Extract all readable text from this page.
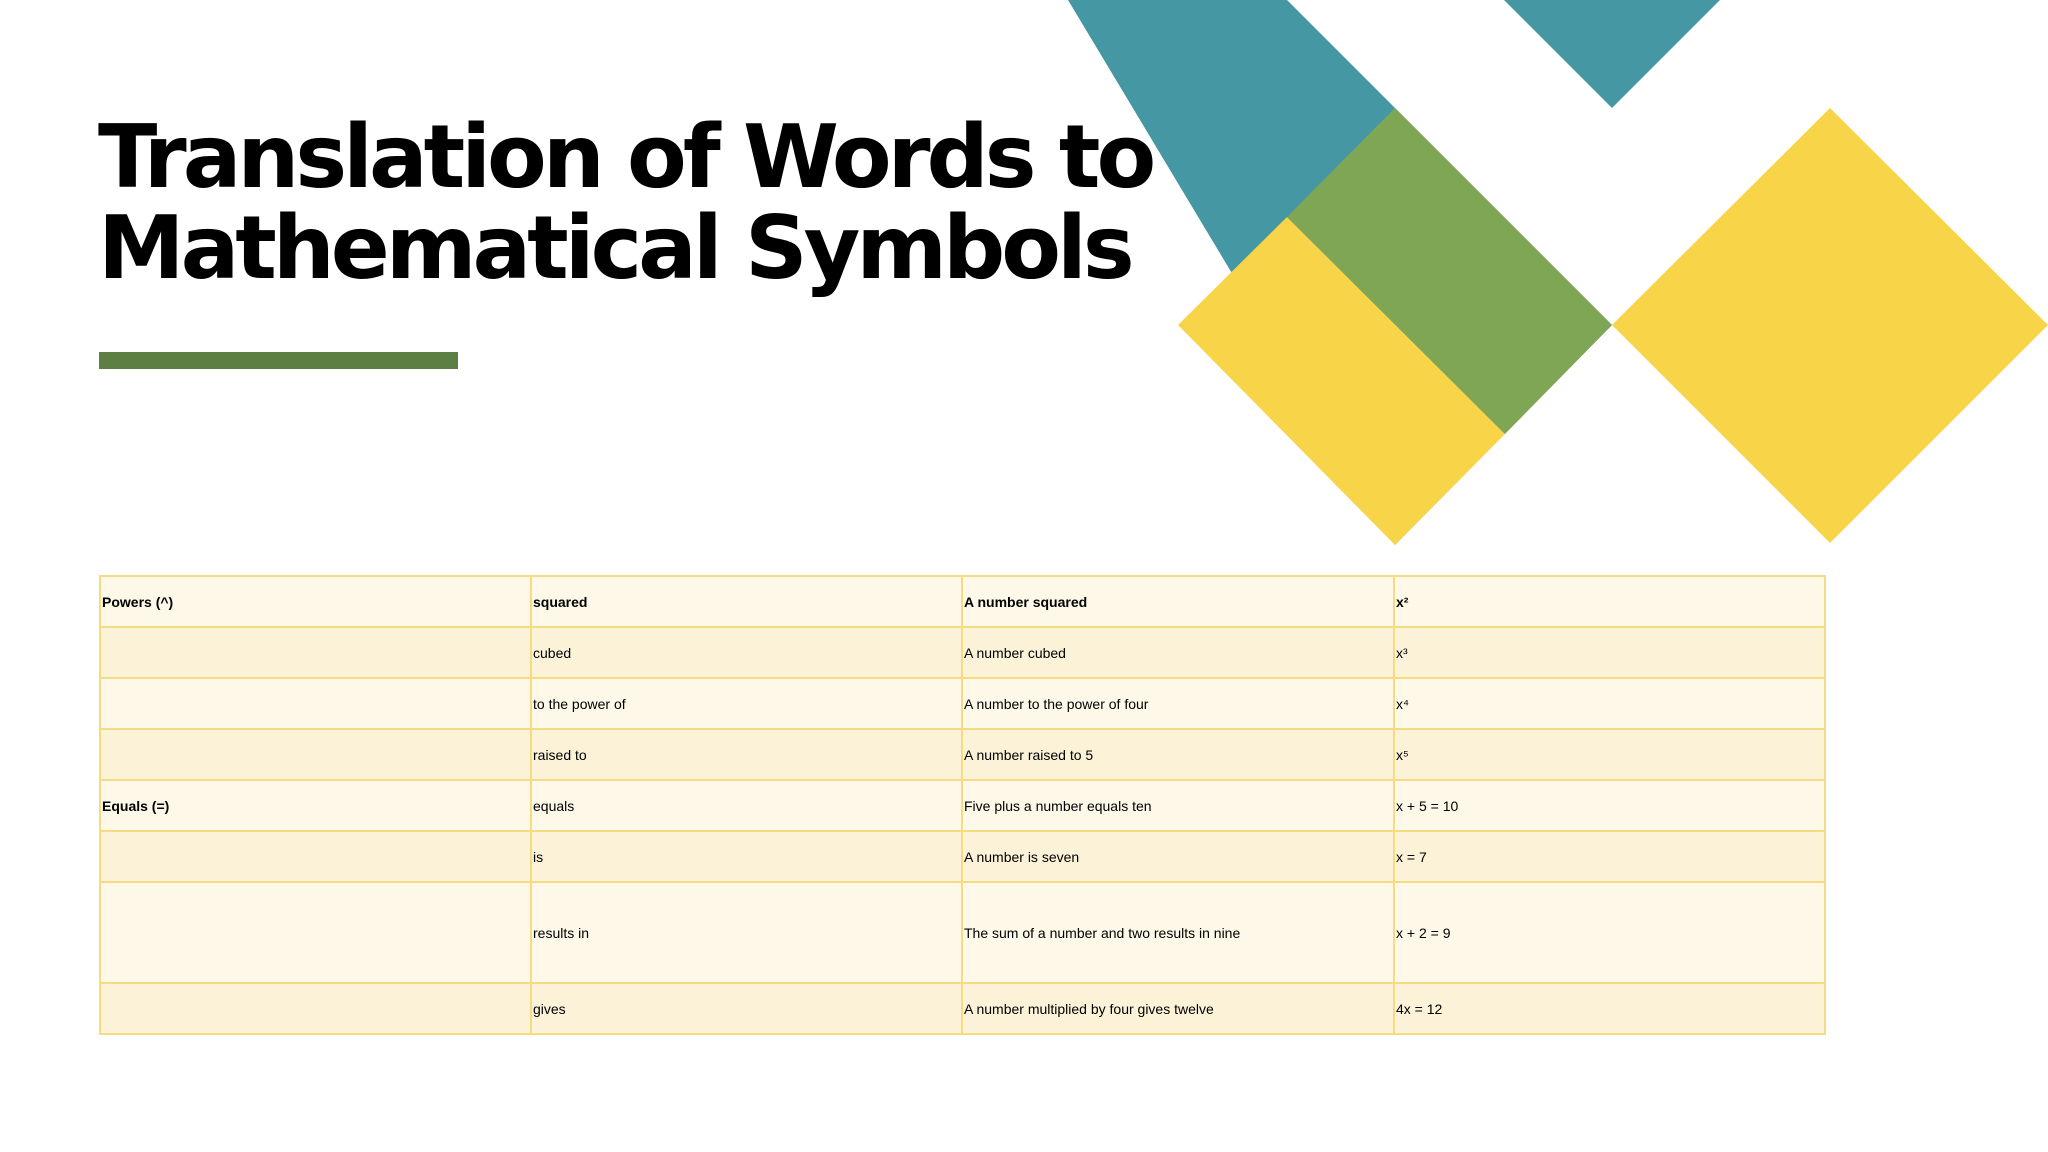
Translation of Words to Mathematical Symbols
Powers (^)	squared	A number squared	x²
	cubed	A number cubed	x³
	to the power of	A number to the power of four	x⁴
	raised to	A number raised to 5	x⁵
Equals (=)	equals	Five plus a number equals ten	x + 5 = 10
	is	A number is seven	x = 7
	results in	The sum of a number and two results in nine	x + 2 = 9
	gives	A number multiplied by four gives twelve	4x = 12
